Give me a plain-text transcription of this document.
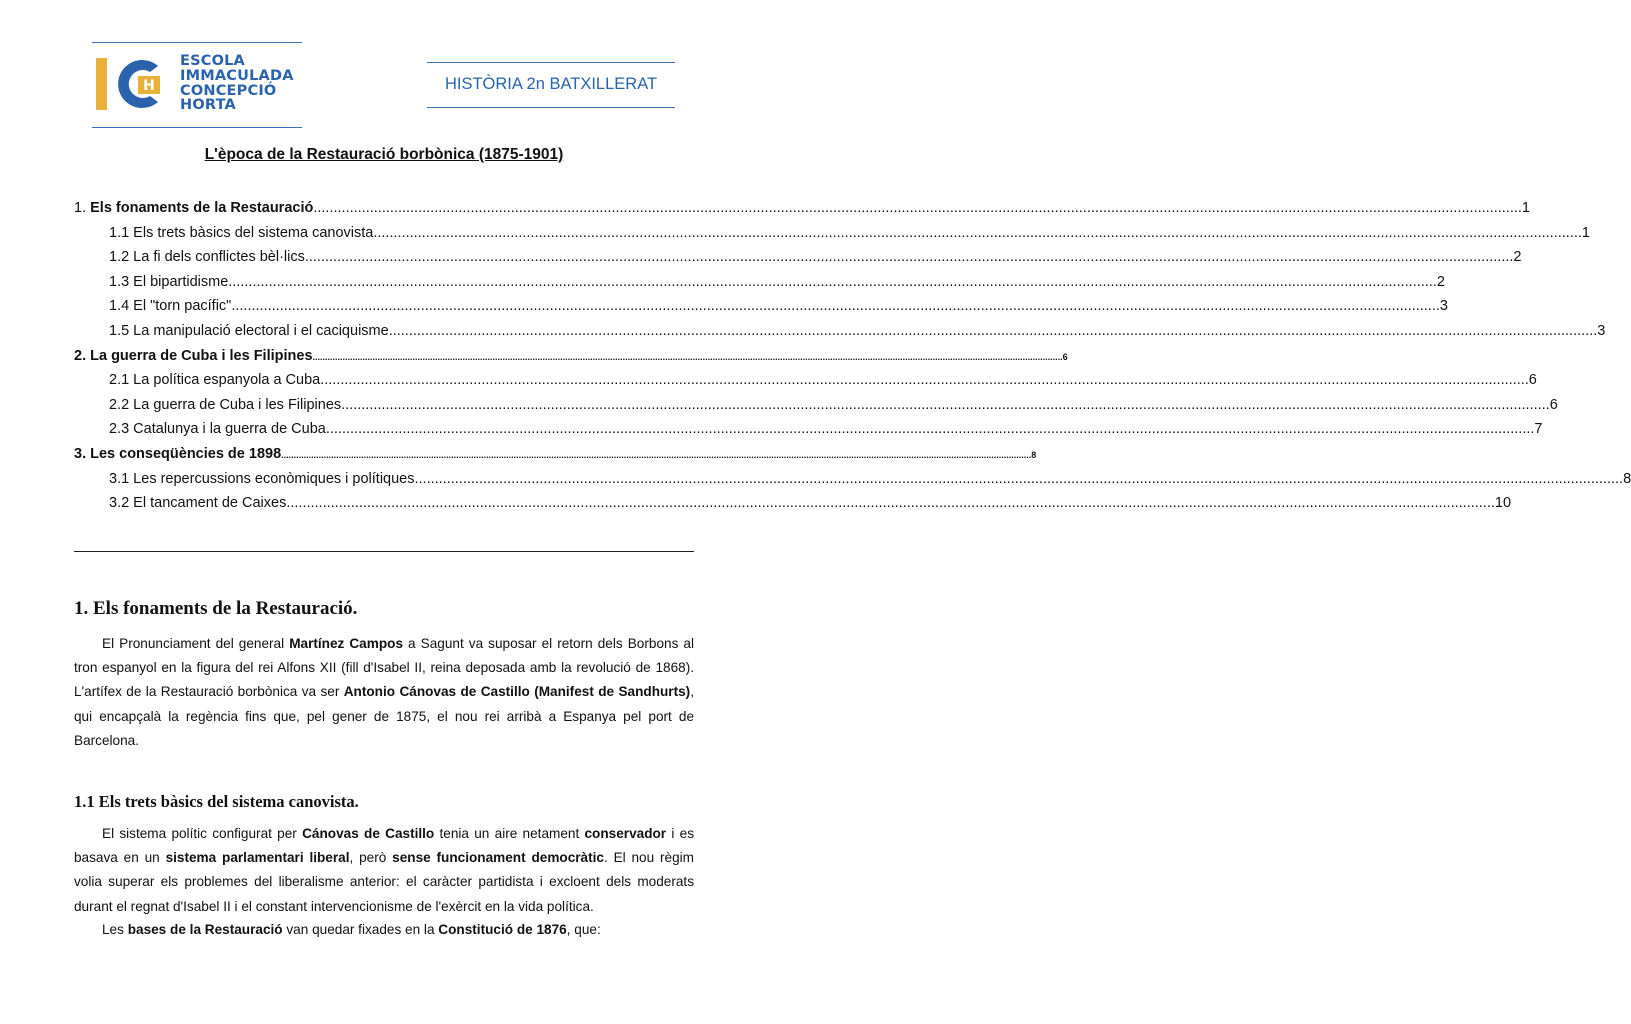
H
ESCOLA
IMMACULADA
CONCEPCIÓ
HORTA
HISTÒRIA 2n BATXILLERAT
L'època de la Restauració borbònica (1875-1901)
1. Els fonaments de la Restauració ............................................................................................................................................................................................................................................................................................................ 1
1.1 Els trets bàsics del sistema canovista ............................................................................................................................................................................................................................................................................................................ 1
1.2 La fi dels conflictes bèl·lics ............................................................................................................................................................................................................................................................................................................ 2
1.3 El bipartidisme ............................................................................................................................................................................................................................................................................................................ 2
1.4 El "torn pacífic" ............................................................................................................................................................................................................................................................................................................ 3
1.5 La manipulació electoral i el caciquisme ............................................................................................................................................................................................................................................................................................................ 3
2. La guerra de Cuba i les Filipines ............................................................................................................................................................................................................................................................................................................ 6
2.1 La política espanyola a Cuba ............................................................................................................................................................................................................................................................................................................ 6
2.2 La guerra de Cuba i les Filipines ............................................................................................................................................................................................................................................................................................................ 6
2.3 Catalunya i la guerra de Cuba ............................................................................................................................................................................................................................................................................................................ 7
3. Les conseqüències de 1898 ............................................................................................................................................................................................................................................................................................................ 8
3.1 Les repercussions econòmiques i polítiques ............................................................................................................................................................................................................................................................................................................ 8
3.2 El tancament de Caixes ............................................................................................................................................................................................................................................................................................................ 10
1. Els fonaments de la Restauració.
El Pronunciament del general Martínez Campos a Sagunt va suposar el retorn dels Borbons al tron espanyol en la figura del rei Alfons XII (fill d'Isabel II, reina deposada amb la revolució de 1868). L'artífex de la Restauració borbònica va ser Antonio Cánovas de Castillo (Manifest de Sandhurts), qui encapçalà la regència fins que, pel gener de 1875, el nou rei arribà a Espanya pel port de Barcelona.
1.1 Els trets bàsics del sistema canovista.
El sistema polític configurat per Cánovas de Castillo tenia un aire netament conservador i es basava en un sistema parlamentari liberal, però sense funcionament democràtic. El nou règim volia superar els problemes del liberalisme anterior: el caràcter partidista i excloent dels moderats durant el regnat d'Isabel II i el constant intervencionisme de l'exèrcit en la vida política.
Les bases de la Restauració van quedar fixades en la Constitució de 1876, que:
